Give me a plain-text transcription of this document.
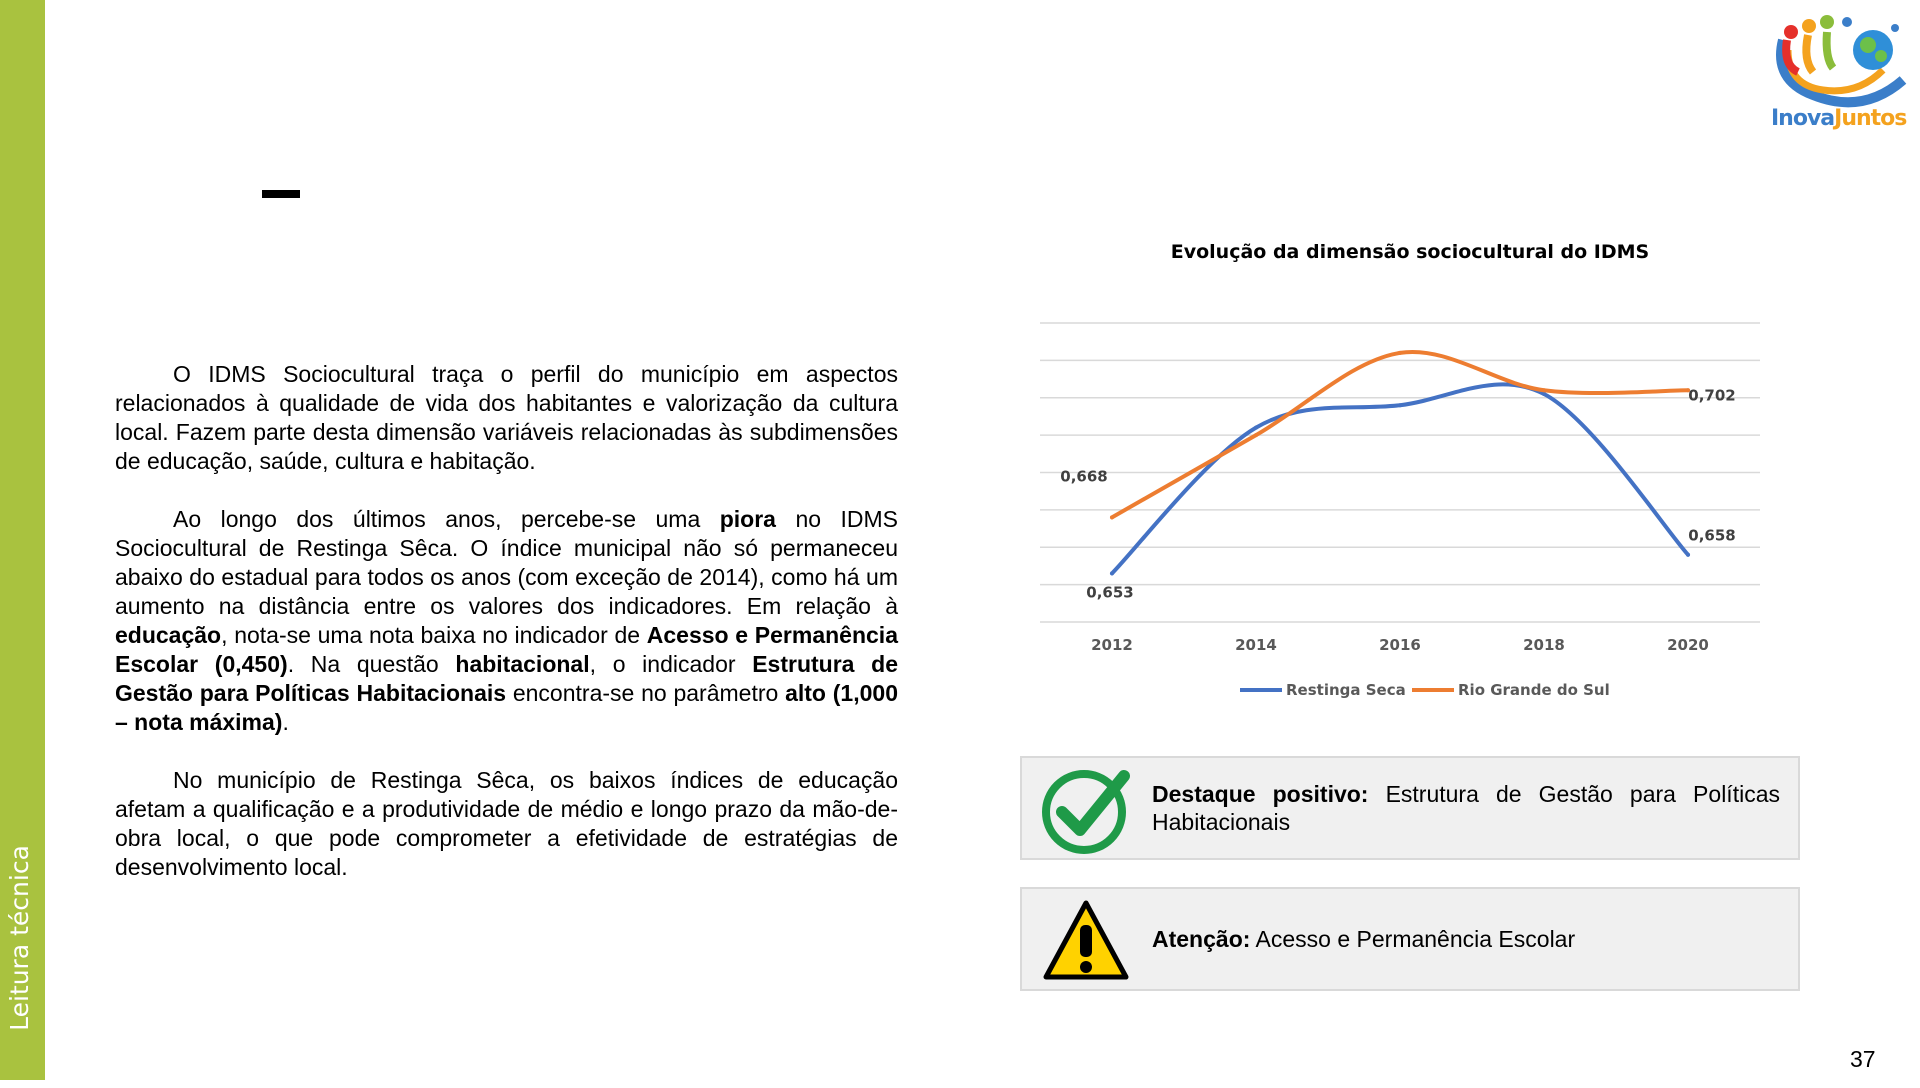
Leitura técnica
InovaJuntos

O IDMS Sociocultural traça o perfil do município em aspectos relacionados à qualidade de vida dos habitantes e valorização da cultura local. Fazem parte desta dimensão variáveis relacionadas às subdimensões de educação, saúde, cultura e habitação.

Ao longo dos últimos anos, percebe-se uma piora no IDMS Sociocultural de Restinga Sêca. O índice municipal não só permaneceu abaixo do estadual para todos os anos (com exceção de 2014), como há um aumento na distância entre os valores dos indicadores. Em relação à educação, nota-se uma nota baixa no indicador de Acesso e Permanência Escolar (0,450). Na questão habitacional, o indicador Estrutura de Gestão para Políticas Habitacionais encontra-se no parâmetro alto (1,000 – nota máxima).

No município de Restinga Sêca, os baixos índices de educação afetam a qualificação e a produtividade de médio e longo prazo da mão-de-obra local, o que pode comprometer a efetividade de estratégias de desenvolvimento local.

Evolução da dimensão sociocultural do IDMS
2012	2014	2016	2018	2020
0,653
0,658
0,668
0,702
Restinga Seca	Rio Grande do Sul
Destaque positivo: Estrutura de Gestão para Políticas Habitacionais
Atenção: Acesso e Permanência Escolar
37
